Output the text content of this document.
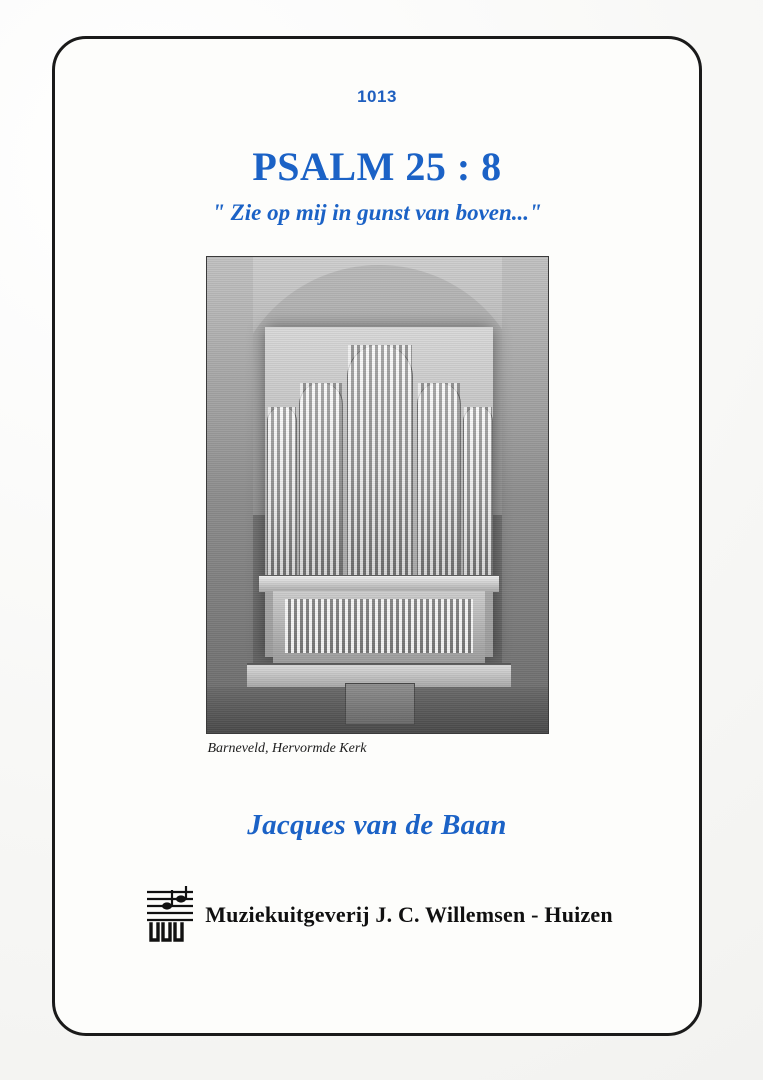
1013
PSALM 25 : 8
" Zie op mij in gunst van boven..."
Barneveld, Hervormde Kerk
Jacques van de Baan
Muziekuitgeverij J. C. Willemsen - Huizen
